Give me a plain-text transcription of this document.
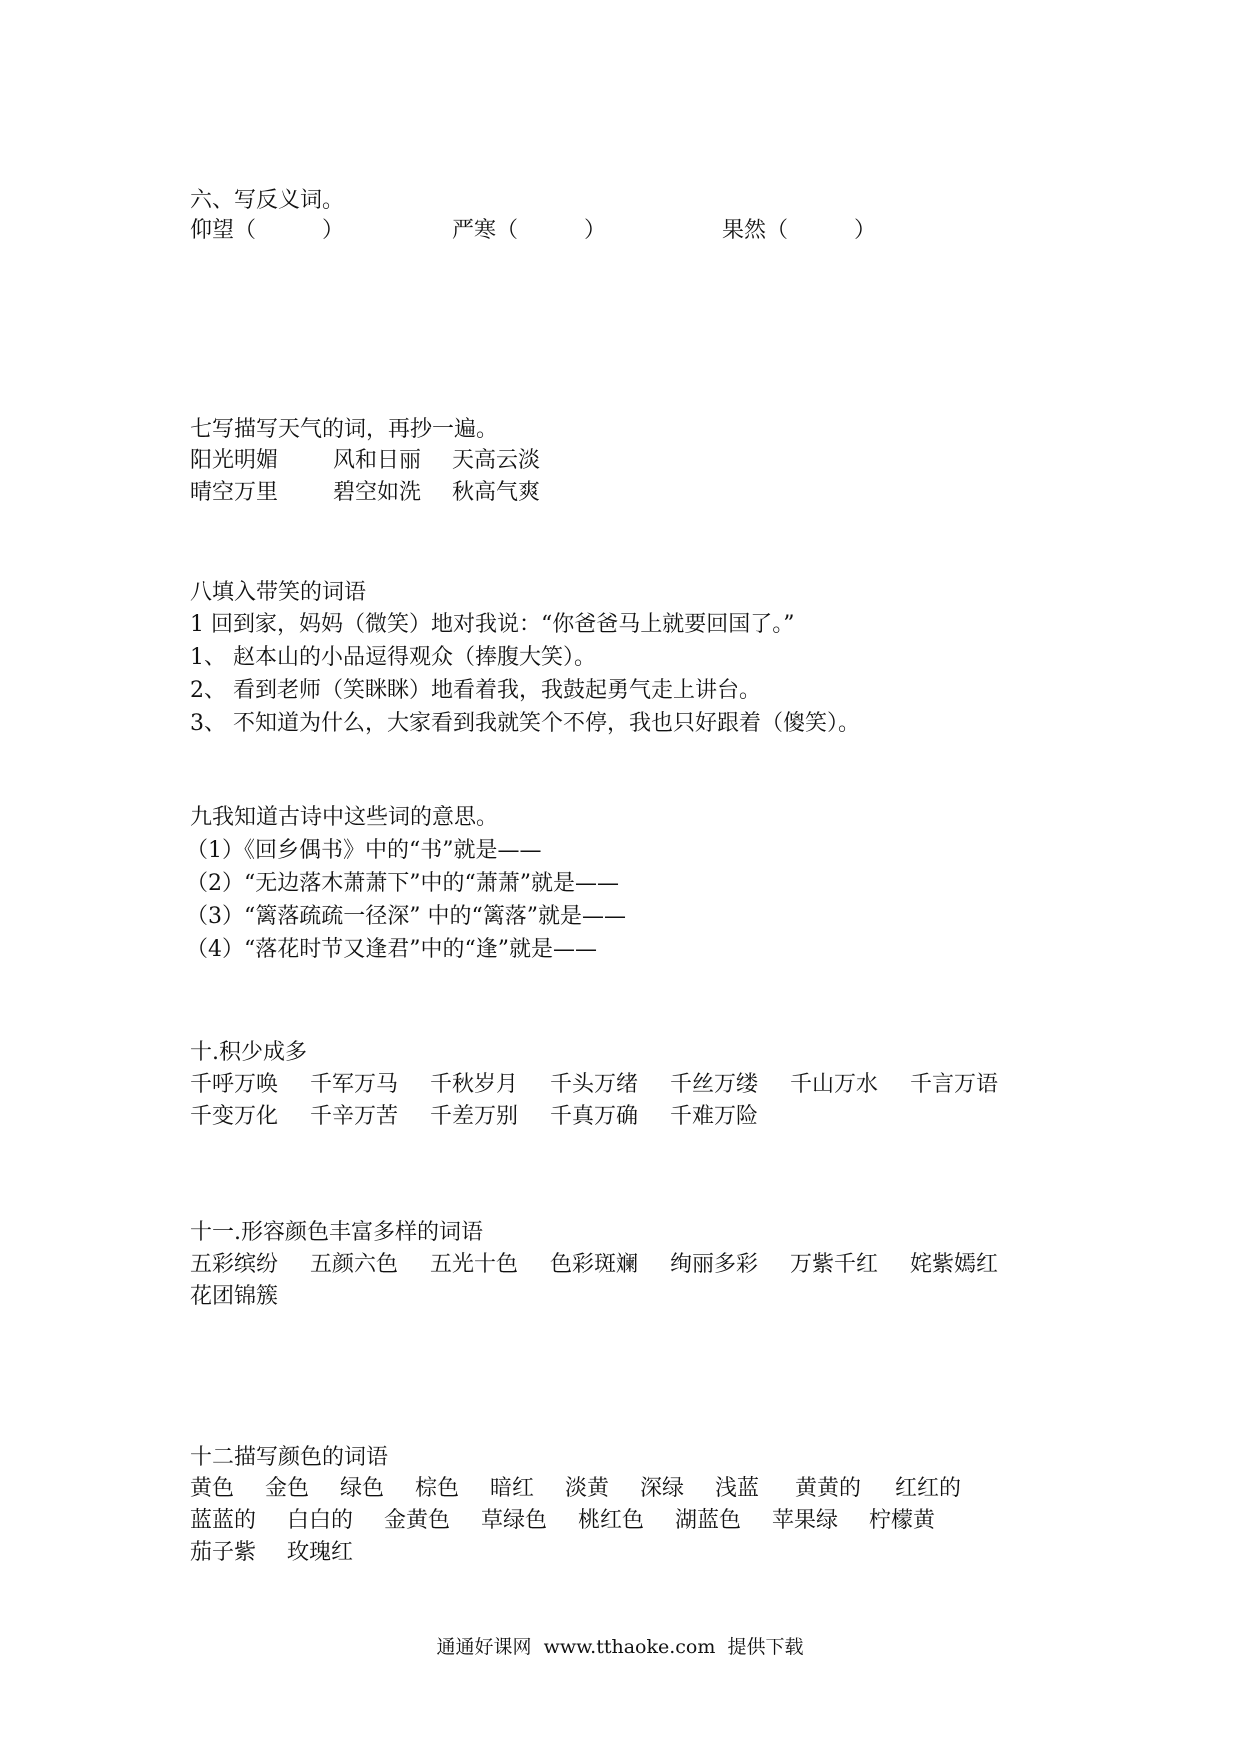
六、写反义词。
仰望（　　　）	严寒（　　　）	果然（　　　）
七写描写天气的词，再抄一遍。
阳光明媚 风和日丽 天高云淡
晴空万里 碧空如洗 秋高气爽
八填入带笑的词语
1 回到家，妈妈（微笑）地对我说：“你爸爸马上就要回国了。”
1、 赵本山的小品逗得观众（捧腹大笑）。
2、 看到老师（笑眯眯）地看着我，我鼓起勇气走上讲台。
3、 不知道为什么，大家看到我就笑个不停，我也只好跟着（傻笑）。
九我知道古诗中这些词的意思。
（1）《回乡偶书》中的“书”就是——
（2）“无边落木萧萧下”中的“萧萧”就是——
（3）“篱落疏疏一径深” 中的“篱落”就是——
（4）“落花时节又逢君”中的“逢”就是——
十.积少成多
千呼万唤 千军万马 千秋岁月 千头万绪 千丝万缕 千山万水 千言万语
千变万化 千辛万苦 千差万别 千真万确 千难万险
十一.形容颜色丰富多样的词语
五彩缤纷 五颜六色 五光十色 色彩斑斓 绚丽多彩 万紫千红 姹紫嫣红
花团锦簇
十二描写颜色的词语
黄色 金色 绿色 棕色 暗红 淡黄 深绿 浅蓝 黄黄的 红红的
蓝蓝的 白白的 金黄色 草绿色 桃红色 湖蓝色 苹果绿 柠檬黄
茄子紫 玫瑰红
通通好课网  www.tthaoke.com  提供下载
